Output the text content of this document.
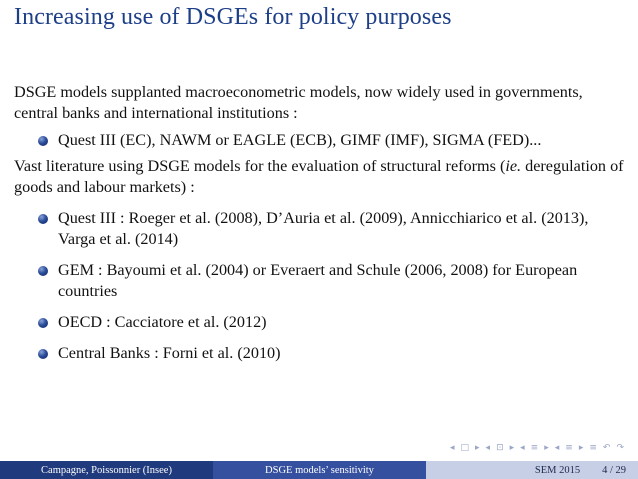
Increasing use of DSGEs for policy purposes

DSGE models supplanted macroeconometric models, now widely used in governments, central banks and international institutions :

Quest III (EC), NAWM or EAGLE (ECB), GIMF (IMF), SIGMA (FED)...

Vast literature using DSGE models for the evaluation of structural reforms (ie. deregulation of goods and labour markets) :

Quest III : Roeger et al. (2008), D’Auria et al. (2009), Annicchiarico et al. (2013), Varga et al. (2014)
GEM : Bayoumi et al. (2004) or Everaert and Schule (2006, 2008) for European countries
OECD : Cacciatore et al. (2012)
Central Banks : Forni et al. (2010)
◂ □ ▸ ◂ ⊡ ▸ ◂ ≡ ▸ ◂ ≡ ▸ ≡ ↶ ↷
Campagne, Poissonnier (Insee)	DSGE models’ sensitivity	SEM 2015 4 / 29
